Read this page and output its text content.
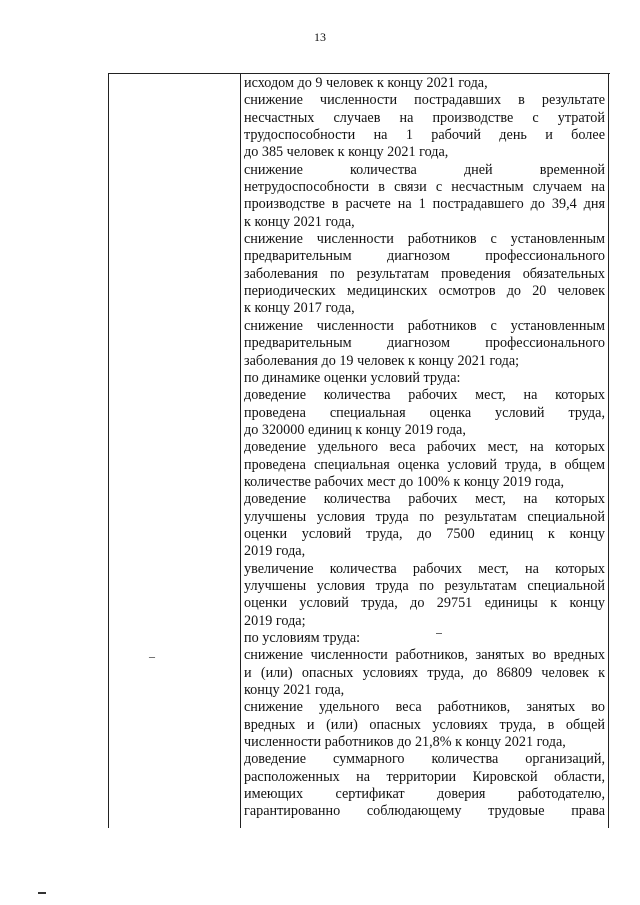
13
–
исходом до 9 человек к концу 2021 года,
снижение численности пострадавших в результате
несчастных случаев на производстве с утратой
трудоспособности на 1 рабочий день и более
до 385 человек к концу 2021 года,
снижение количества дней временной
нетрудоспособности в связи с несчастным случаем на
производстве в расчете на 1 пострадавшего до 39,4 дня
к концу 2021 года,
снижение численности работников с установленным
предварительным диагнозом профессионального
заболевания по результатам проведения обязательных
периодических медицинских осмотров до 20 человек
к концу 2017 года,
снижение численности работников с установленным
предварительным диагнозом профессионального
заболевания до 19 человек к концу 2021 года;
по динамике оценки условий труда:
доведение количества рабочих мест, на которых
проведена специальная оценка условий труда,
до 320000 единиц к концу 2019 года,
доведение удельного веса рабочих мест, на которых
проведена специальная оценка условий труда, в общем
количестве рабочих мест до 100% к концу 2019 года,
доведение количества рабочих мест, на которых
улучшены условия труда по результатам специальной
оценки условий труда, до 7500 единиц к концу
2019 года,
увеличение количества рабочих мест, на которых
улучшены условия труда по результатам специальной
оценки условий труда, до 29751 единицы к концу
2019 года;
по условиям труда:
снижение численности работников, занятых во вредных
и (или) опасных условиях труда, до 86809 человек к
концу 2021 года,
снижение удельного веса работников, занятых во
вредных и (или) опасных условиях труда, в общей
численности работников до 21,8% к концу 2021 года,
доведение суммарного количества организаций,
расположенных на территории Кировской области,
имеющих сертификат доверия работодателю,
гарантированно соблюдающему трудовые права
